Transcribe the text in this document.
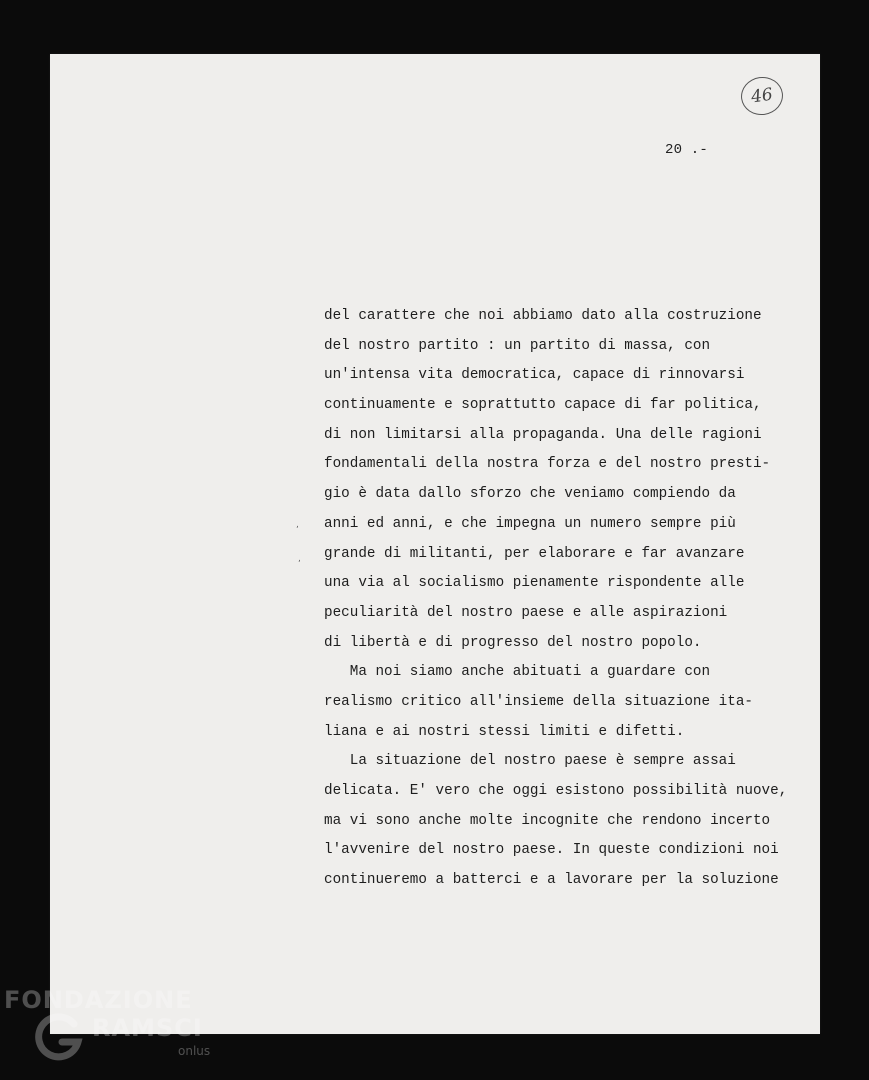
46
20 .-
,
,
del carattere che noi abbiamo dato alla costruzione
del nostro partito : un partito di massa, con
un'intensa vita democratica, capace di rinnovarsi
continuamente e soprattutto capace di far politica,
di non limitarsi alla propaganda. Una delle ragioni
fondamentali della nostra forza e del nostro presti-
gio è data dallo sforzo che veniamo compiendo da
anni ed anni, e che impegna un numero sempre più
grande di militanti, per elaborare e far avanzare
una via al socialismo pienamente rispondente alle
peculiarità del nostro paese e alle aspirazioni
di libertà e di progresso del nostro popolo.
Ma noi siamo anche abituati a guardare con
realismo critico all'insieme della situazione ita-
liana e ai nostri stessi limiti e difetti.
La situazione del nostro paese è sempre assai
delicata. E' vero che oggi esistono possibilità nuove,
ma vi sono anche molte incognite che rendono incerto
l'avvenire del nostro paese. In queste condizioni noi
continueremo a batterci e a lavorare per la soluzione
FONDAZIONE
RAMSCI
onlus
